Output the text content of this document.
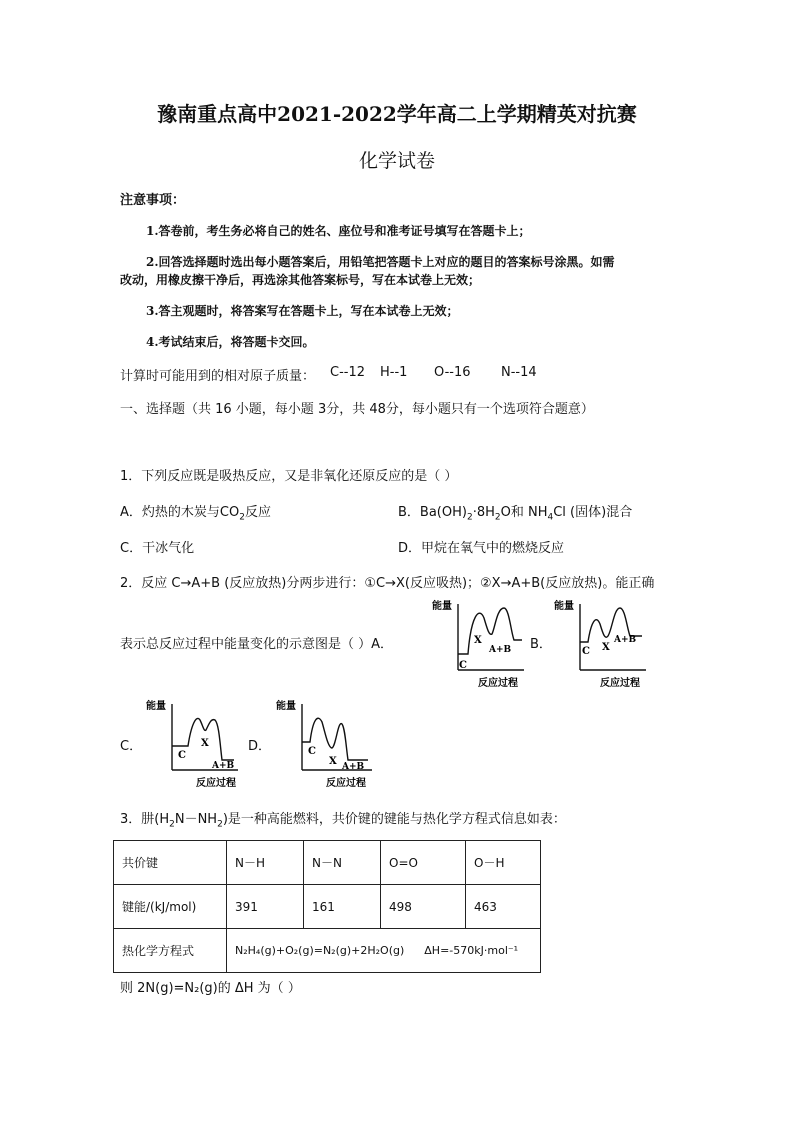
豫南重点高中2021-2022学年高二上学期精英对抗赛
化学试卷
注意事项：
1.答卷前，考生务必将自己的姓名、座位号和准考证号填写在答题卡上；
2.回答选择题时选出每小题答案后，用铅笔把答题卡上对应的题目的答案标号涂黑。如需
改动，用橡皮擦干净后，再选涂其他答案标号，写在本试卷上无效；
3.答主观题时，将答案写在答题卡上，写在本试卷上无效；
4.考试结束后，将答题卡交回。
计算时可能用到的相对原子质量： C--12 H--1 O--16 N--14
一、选择题（共 16 小题，每小题 3分，共 48分，每小题只有一个选项符合题意）
1．下列反应既是吸热反应，又是非氧化还原反应的是（ ）
A．灼热的木炭与$CO_2$反应	B．$Ba(OH)_2\cdot 8H_2O$和 $NH_4Cl$ (固体)混合
C．干冰气化	D．甲烷在氧气中的燃烧反应
2．反应 C→A+B (反应放热)分两步进行：①C→X(反应吸热)；②X→A+B(反应放热)。能正确
表示总反应过程中能量变化的示意图是（ ）A．	B．
C．	D．
能量
C
X
A+B
反应过程
能量
C X
A+B
反应过程
能量
C
X
A+B
反应过程
能量
C
X A+B
反应过程
3．肼$(H_2N-NH_2)$是一种高能燃料，共价键的键能与热化学方程式信息如表：
共价键	N－H	N－N	O=O	O－H
键能/(kJ/mol)	391	161	498	463
热化学方程式	N₂H₄(g)+O₂(g)=N₂(g)+2H₂O(g) ΔH=-570kJ·mol⁻¹			
则 2N(g)=N₂(g)的 ΔH 为（ ）
